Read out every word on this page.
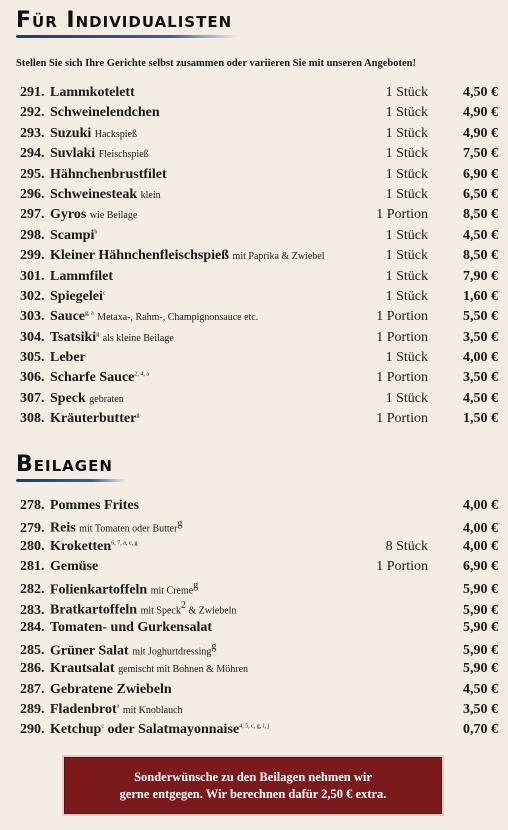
Für Individualisten
Stellen Sie sich Ihre Gerichte selbst zusammen oder variieren Sie mit unseren Angeboten!
291. Lammkotelett	1 Stück	4,50 €
292. Schweinelendchen	1 Stück	4,90 €
293. Suzuki Hackspieß	1 Stück	4,90 €
294. Suvlaki Fleischspieß	1 Stück	7,50 €
295. Hähnchenbrustfilet	1 Stück	6,90 €
296. Schweinesteak klein	1 Stück	6,50 €
297. Gyros wie Beilage	1 Portion	8,50 €
298. Scampi$^b$	1 Stück	4,50 €
299. Kleiner Hähnchenfleischspieß mit Paprika & Zwiebel	1 Stück	8,50 €
301. Lammfilet	1 Stück	7,90 €
302. Spiegelei$^c$	1 Stück	1,60 €
303. Sauce$^{g, a}$ Metaxa-, Rahm-, Champignonsauce etc.	1 Portion	5,50 €
304. Tsatsiki$^g$ als kleine Beilage	1 Portion	3,50 €
305. Leber	1 Stück	4,00 €
306. Scharfe Sauce$^{2, 4, a}$	1 Portion	3,50 €
307. Speck gebraten	1 Stück	4,50 €
308. Kräuterbutter$^g$	1 Portion	1,50 €
Beilagen
278. Pommes Frites	4,00 €
279. Reis mit Tomaten oder Butter$^g$	4,00 €
280. Kroketten$^{6, 7, a, c, g}$	8 Stück	4,00 €
281. Gemüse	1 Portion	6,90 €
282. Folienkartoffeln mit Creme$^g$	5,90 €
283. Bratkartoffeln mit Speck$^2$ & Zwiebeln	5,90 €
284. Tomaten- und Gurkensalat	5,90 €
285. Grüner Salat mit Joghurtdressing$^g$	5,90 €
286. Krautsalat gemischt mit Bohnen & Möhren	5,90 €
287. Gebratene Zwiebeln	4,50 €
289. Fladenbrot$^a$ mit Knoblauch	3,50 €
290. Ketchup$^c$ oder Salatmayonnaise$^{4, 5, c, g, i, j}$	0,70 €
Sonderwünsche zu den Beilagen nehmen wir
gerne entgegen. Wir berechnen dafür 2,50 € extra.
